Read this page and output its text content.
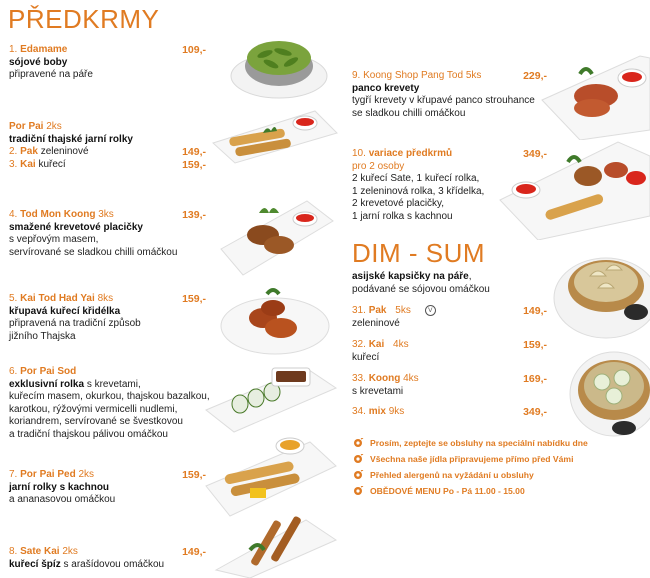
PŘEDKRMY
DIM - SUM
1. Edamame
sójové boby
připravené na páře
109,-
Por Pai 2ks
tradiční thajské jarní rolky
2. Pak zeleninové
3. Kai kuřecí
149,-
159,-
4. Tod Mon Koong 3ks
smažené krevetové placičky
s vepřovým masem,
servírované se sladkou chilli omáčkou
139,-
5. Kai Tod Had Yai 8ks
křupavá kuřecí křidélka
připravená na tradiční způsob
jižního Thajska
159,-
6. Por Pai Sod
exklusivní rolka s krevetami,
kuřecím masem, okurkou, thajskou bazalkou,
karotkou, rýžovými vermicelli nudlemi,
koriandrem, servírované se švestkovou
a tradiční thajskou pálivou omáčkou
7. Por Pai Ped 2ks
jarní rolky s kachnou
a ananasovou omáčkou
159,-
8. Sate Kai 2ks
kuřecí špíz s arašídovou omáčkou
149,-
9. Koong Shop Pang Tod 5ks
panco krevety
tygří krevety v křupavé panco strouhance
se sladkou chilli omáčkou
229,-
10. variace předkrmů
pro 2 osoby
2 kuřecí Sate, 1 kuřecí rolka,
1 zeleninová rolka, 3 křídelka,
2 krevetové placičky,
1 jarní rolka s kachnou
349,-
asijské kapsičky na páře,
podávané se sójovou omáčkou
31. Pak 5ks	V
zeleninové
149,-
32. Kai 4ks
kuřecí
159,-
33. Koong 4ks
s krevetami
169,-
34. mix 9ks	349,-
Prosím, zeptejte se obsluhy na speciální nabídku dne
Všechna naše jídla připravujeme přímo před Vámi
Přehled alergenů na vyžádání u obsluhy
OBĚDOVÉ MENU Po - Pá 11.00 - 15.00
